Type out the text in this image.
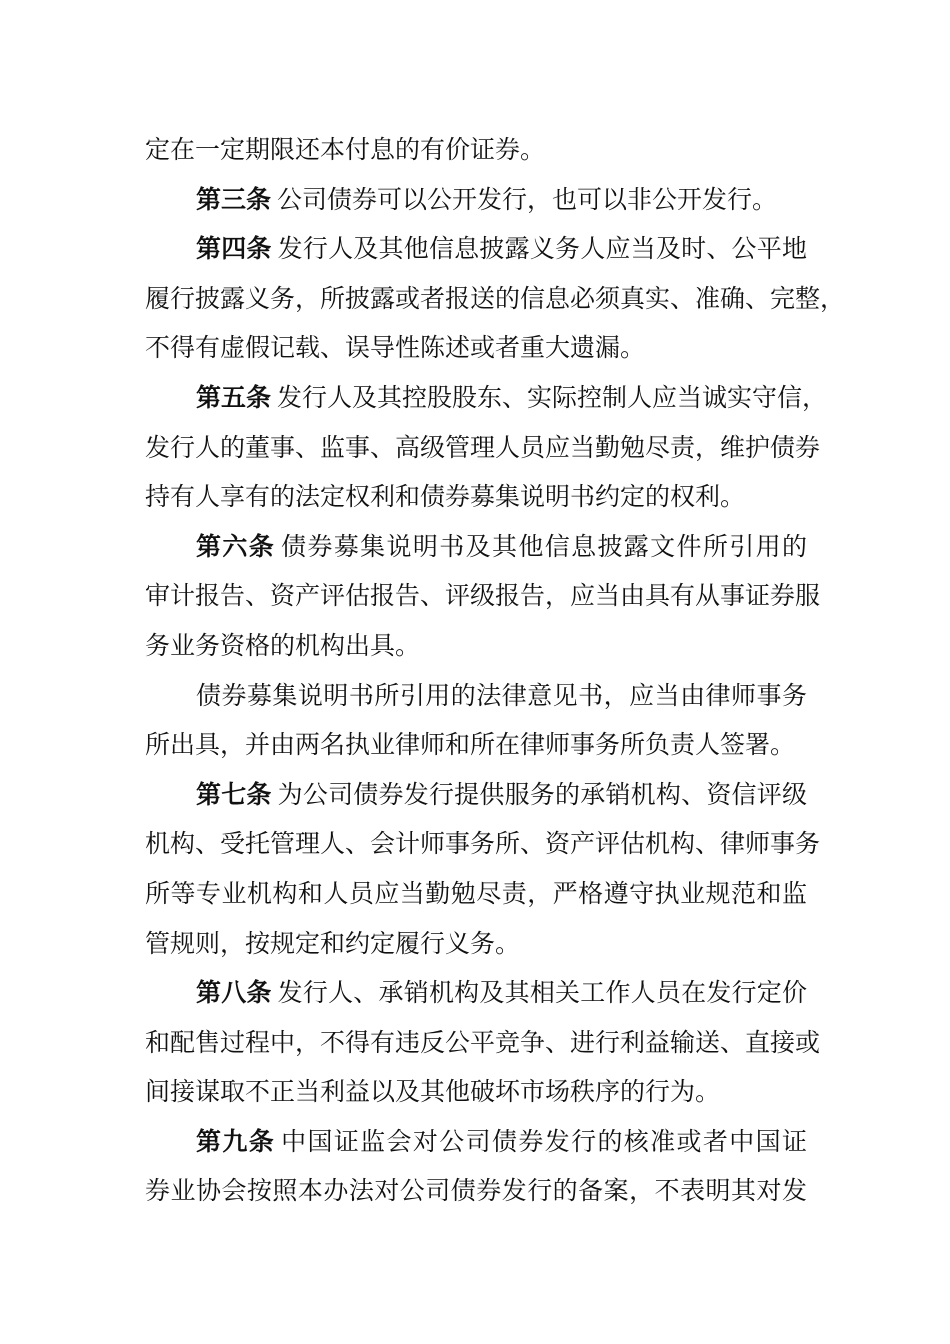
定在一定期限还本付息的有价证券。
第三条 公司债券可以公开发行，也可以非公开发行。
第四条 发行人及其他信息披露义务人应当及时、公平地
履行披露义务，所披露或者报送的信息必须真实、准确、完整，
不得有虚假记载、误导性陈述或者重大遗漏。
第五条 发行人及其控股股东、实际控制人应当诚实守信，
发行人的董事、监事、高级管理人员应当勤勉尽责，维护债券
持有人享有的法定权利和债券募集说明书约定的权利。
第六条 债券募集说明书及其他信息披露文件所引用的
审计报告、资产评估报告、评级报告，应当由具有从事证券服
务业务资格的机构出具。
债券募集说明书所引用的法律意见书，应当由律师事务
所出具，并由两名执业律师和所在律师事务所负责人签署。
第七条 为公司债券发行提供服务的承销机构、资信评级
机构、受托管理人、会计师事务所、资产评估机构、律师事务
所等专业机构和人员应当勤勉尽责，严格遵守执业规范和监
管规则，按规定和约定履行义务。
第八条 发行人、承销机构及其相关工作人员在发行定价
和配售过程中，不得有违反公平竞争、进行利益输送、直接或
间接谋取不正当利益以及其他破坏市场秩序的行为。
第九条 中国证监会对公司债券发行的核准或者中国证
券业协会按照本办法对公司债券发行的备案，不表明其对发
